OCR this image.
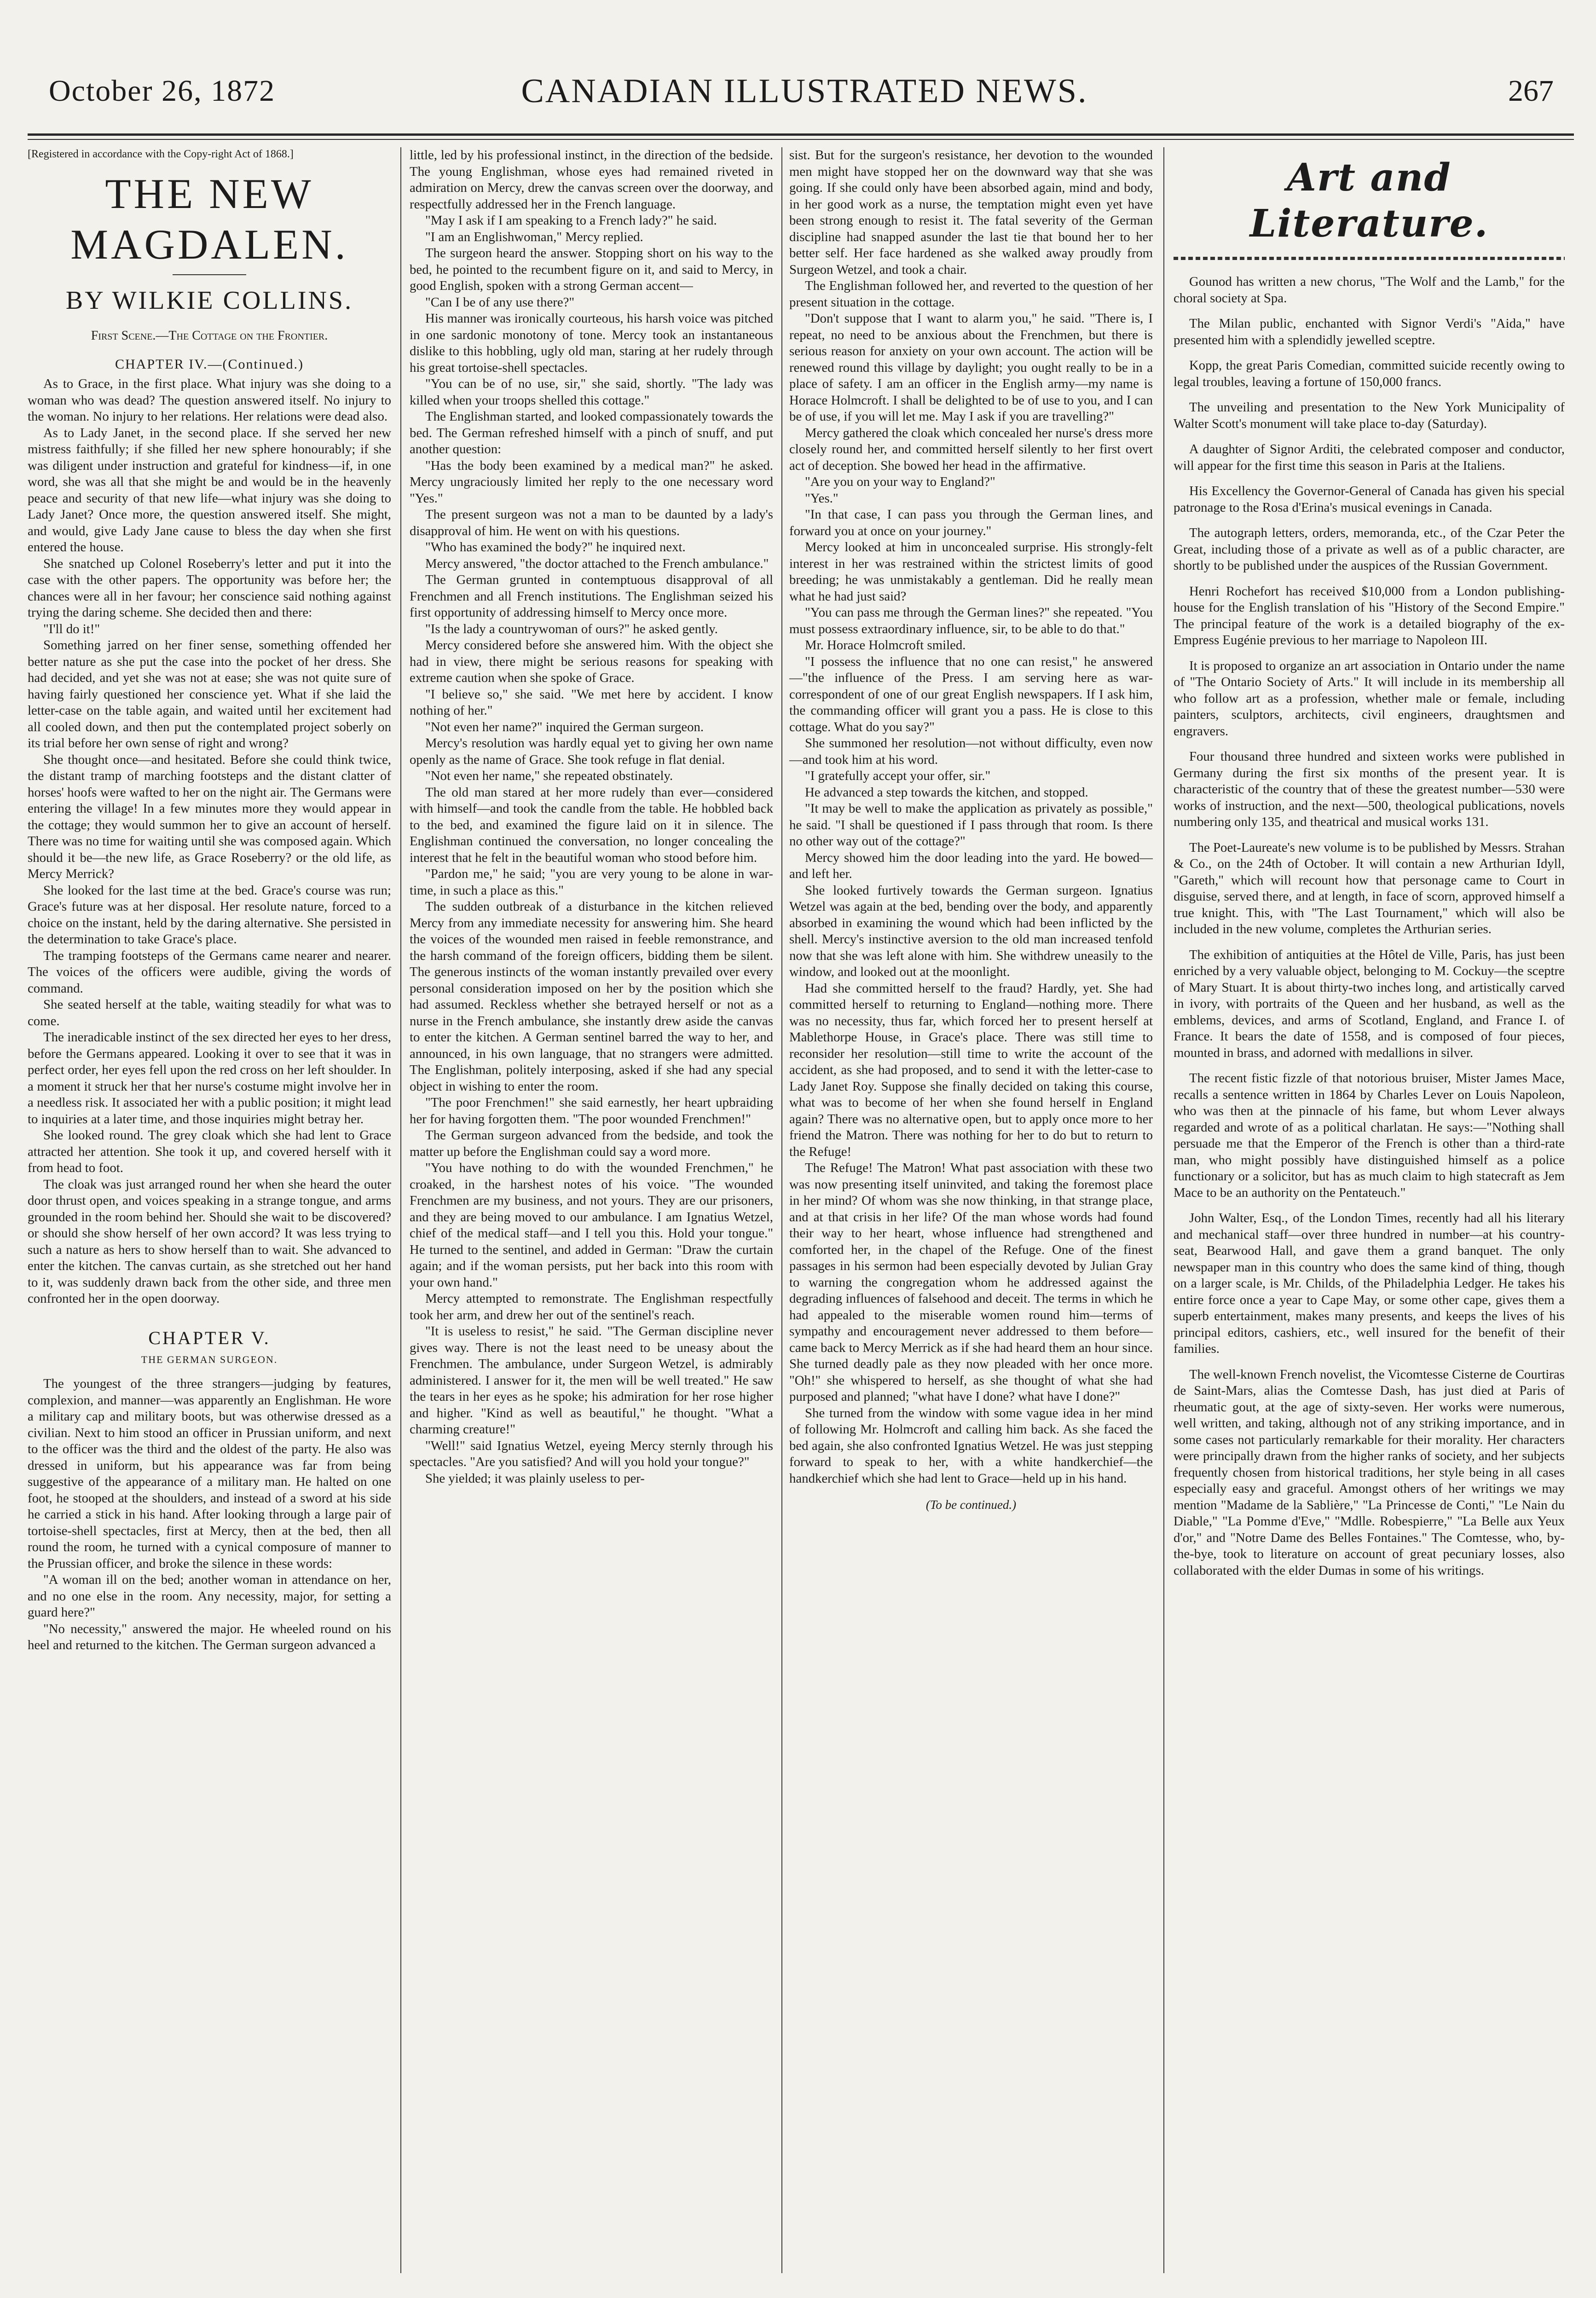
October 26, 1872	CANADIAN ILLUSTRATED NEWS.	267

[Registered in accordance with the Copy-right Act of 1868.]

THE NEW MAGDALEN.
BY WILKIE COLLINS.

First Scene.—The Cottage on the Frontier.

CHAPTER IV.—(Continued.)

As to Grace, in the first place. What injury was she doing to a woman who was dead? The question answered itself. No injury to the woman. No injury to her relations. Her relations were dead also.

As to Lady Janet, in the second place. If she served her new mistress faithfully; if she filled her new sphere honourably; if she was diligent under instruction and grateful for kindness—if, in one word, she was all that she might be and would be in the heavenly peace and security of that new life—what injury was she doing to Lady Janet? Once more, the question answered itself. She might, and would, give Lady Jane cause to bless the day when she first entered the house.

She snatched up Colonel Roseberry's letter and put it into the case with the other papers. The opportunity was before her; the chances were all in her favour; her conscience said nothing against trying the daring scheme. She decided then and there:

"I'll do it!"

Something jarred on her finer sense, something offended her better nature as she put the case into the pocket of her dress. She had decided, and yet she was not at ease; she was not quite sure of having fairly questioned her conscience yet. What if she laid the letter-case on the table again, and waited until her excitement had all cooled down, and then put the contemplated project soberly on its trial before her own sense of right and wrong?

She thought once—and hesitated. Before she could think twice, the distant tramp of marching footsteps and the distant clatter of horses' hoofs were wafted to her on the night air. The Germans were entering the village! In a few minutes more they would appear in the cottage; they would summon her to give an account of herself. There was no time for waiting until she was composed again. Which should it be—the new life, as Grace Roseberry? or the old life, as Mercy Merrick?

She looked for the last time at the bed. Grace's course was run; Grace's future was at her disposal. Her resolute nature, forced to a choice on the instant, held by the daring alternative. She persisted in the determination to take Grace's place.

The tramping footsteps of the Germans came nearer and nearer. The voices of the officers were audible, giving the words of command.

She seated herself at the table, waiting steadily for what was to come.

The ineradicable instinct of the sex directed her eyes to her dress, before the Germans appeared. Looking it over to see that it was in perfect order, her eyes fell upon the red cross on her left shoulder. In a moment it struck her that her nurse's costume might involve her in a needless risk. It associated her with a public position; it might lead to inquiries at a later time, and those inquiries might betray her.

She looked round. The grey cloak which she had lent to Grace attracted her attention. She took it up, and covered herself with it from head to foot.

The cloak was just arranged round her when she heard the outer door thrust open, and voices speaking in a strange tongue, and arms grounded in the room behind her. Should she wait to be discovered? or should she show herself of her own accord? It was less trying to such a nature as hers to show herself than to wait. She advanced to enter the kitchen. The canvas curtain, as she stretched out her hand to it, was suddenly drawn back from the other side, and three men confronted her in the open doorway.

CHAPTER V.

THE GERMAN SURGEON.

The youngest of the three strangers—judging by features, complexion, and manner—was apparently an Englishman. He wore a military cap and military boots, but was otherwise dressed as a civilian. Next to him stood an officer in Prussian uniform, and next to the officer was the third and the oldest of the party. He also was dressed in uniform, but his appearance was far from being suggestive of the appearance of a military man. He halted on one foot, he stooped at the shoulders, and instead of a sword at his side he carried a stick in his hand. After looking through a large pair of tortoise-shell spectacles, first at Mercy, then at the bed, then all round the room, he turned with a cynical composure of manner to the Prussian officer, and broke the silence in these words:

"A woman ill on the bed; another woman in attendance on her, and no one else in the room. Any necessity, major, for setting a guard here?"

"No necessity," answered the major. He wheeled round on his heel and returned to the kitchen. The German surgeon advanced a

little, led by his professional instinct, in the direction of the bedside. The young Englishman, whose eyes had remained riveted in admiration on Mercy, drew the canvas screen over the doorway, and respectfully addressed her in the French language.

"May I ask if I am speaking to a French lady?" he said.

"I am an Englishwoman," Mercy replied.

The surgeon heard the answer. Stopping short on his way to the bed, he pointed to the recumbent figure on it, and said to Mercy, in good English, spoken with a strong German accent—

"Can I be of any use there?"

His manner was ironically courteous, his harsh voice was pitched in one sardonic monotony of tone. Mercy took an instantaneous dislike to this hobbling, ugly old man, staring at her rudely through his great tortoise-shell spectacles.

"You can be of no use, sir," she said, shortly. "The lady was killed when your troops shelled this cottage."

The Englishman started, and looked compassionately towards the bed. The German refreshed himself with a pinch of snuff, and put another question:

"Has the body been examined by a medical man?" he asked. Mercy ungraciously limited her reply to the one necessary word "Yes."

The present surgeon was not a man to be daunted by a lady's disapproval of him. He went on with his questions.

"Who has examined the body?" he inquired next.

Mercy answered, "the doctor attached to the French ambulance."

The German grunted in contemptuous disapproval of all Frenchmen and all French institutions. The Englishman seized his first opportunity of addressing himself to Mercy once more.

"Is the lady a countrywoman of ours?" he asked gently.

Mercy considered before she answered him. With the object she had in view, there might be serious reasons for speaking with extreme caution when she spoke of Grace.

"I believe so," she said. "We met here by accident. I know nothing of her."

"Not even her name?" inquired the German surgeon.

Mercy's resolution was hardly equal yet to giving her own name openly as the name of Grace. She took refuge in flat denial.

"Not even her name," she repeated obstinately.

The old man stared at her more rudely than ever—considered with himself—and took the candle from the table. He hobbled back to the bed, and examined the figure laid on it in silence. The Englishman continued the conversation, no longer concealing the interest that he felt in the beautiful woman who stood before him.

"Pardon me," he said; "you are very young to be alone in war-time, in such a place as this."

The sudden outbreak of a disturbance in the kitchen relieved Mercy from any immediate necessity for answering him. She heard the voices of the wounded men raised in feeble remonstrance, and the harsh command of the foreign officers, bidding them be silent. The generous instincts of the woman instantly prevailed over every personal consideration imposed on her by the position which she had assumed. Reckless whether she betrayed herself or not as a nurse in the French ambulance, she instantly drew aside the canvas to enter the kitchen. A German sentinel barred the way to her, and announced, in his own language, that no strangers were admitted. The Englishman, politely interposing, asked if she had any special object in wishing to enter the room.

"The poor Frenchmen!" she said earnestly, her heart upbraiding her for having forgotten them. "The poor wounded Frenchmen!"

The German surgeon advanced from the bedside, and took the matter up before the Englishman could say a word more.

"You have nothing to do with the wounded Frenchmen," he croaked, in the harshest notes of his voice. "The wounded Frenchmen are my business, and not yours. They are our prisoners, and they are being moved to our ambulance. I am Ignatius Wetzel, chief of the medical staff—and I tell you this. Hold your tongue." He turned to the sentinel, and added in German: "Draw the curtain again; and if the woman persists, put her back into this room with your own hand."

Mercy attempted to remonstrate. The Englishman respectfully took her arm, and drew her out of the sentinel's reach.

"It is useless to resist," he said. "The German discipline never gives way. There is not the least need to be uneasy about the Frenchmen. The ambulance, under Surgeon Wetzel, is admirably administered. I answer for it, the men will be well treated." He saw the tears in her eyes as he spoke; his admiration for her rose higher and higher. "Kind as well as beautiful," he thought. "What a charming creature!"

"Well!" said Ignatius Wetzel, eyeing Mercy sternly through his spectacles. "Are you satisfied? And will you hold your tongue?"

She yielded; it was plainly useless to per-

sist. But for the surgeon's resistance, her devotion to the wounded men might have stopped her on the downward way that she was going. If she could only have been absorbed again, mind and body, in her good work as a nurse, the temptation might even yet have been strong enough to resist it. The fatal severity of the German discipline had snapped asunder the last tie that bound her to her better self. Her face hardened as she walked away proudly from Surgeon Wetzel, and took a chair.

The Englishman followed her, and reverted to the question of her present situation in the cottage.

"Don't suppose that I want to alarm you," he said. "There is, I repeat, no need to be anxious about the Frenchmen, but there is serious reason for anxiety on your own account. The action will be renewed round this village by daylight; you ought really to be in a place of safety. I am an officer in the English army—my name is Horace Holmcroft. I shall be delighted to be of use to you, and I can be of use, if you will let me. May I ask if you are travelling?"

Mercy gathered the cloak which concealed her nurse's dress more closely round her, and committed herself silently to her first overt act of deception. She bowed her head in the affirmative.

"Are you on your way to England?"

"Yes."

"In that case, I can pass you through the German lines, and forward you at once on your journey."

Mercy looked at him in unconcealed surprise. His strongly-felt interest in her was restrained within the strictest limits of good breeding; he was unmistakably a gentleman. Did he really mean what he had just said?

"You can pass me through the German lines?" she repeated. "You must possess extraordinary influence, sir, to be able to do that."

Mr. Horace Holmcroft smiled.

"I possess the influence that no one can resist," he answered—"the influence of the Press. I am serving here as war-correspondent of one of our great English newspapers. If I ask him, the commanding officer will grant you a pass. He is close to this cottage. What do you say?"

She summoned her resolution—not without difficulty, even now—and took him at his word.

"I gratefully accept your offer, sir."

He advanced a step towards the kitchen, and stopped.

"It may be well to make the application as privately as possible," he said. "I shall be questioned if I pass through that room. Is there no other way out of the cottage?"

Mercy showed him the door leading into the yard. He bowed—and left her.

She looked furtively towards the German surgeon. Ignatius Wetzel was again at the bed, bending over the body, and apparently absorbed in examining the wound which had been inflicted by the shell. Mercy's instinctive aversion to the old man increased tenfold now that she was left alone with him. She withdrew uneasily to the window, and looked out at the moonlight.

Had she committed herself to the fraud? Hardly, yet. She had committed herself to returning to England—nothing more. There was no necessity, thus far, which forced her to present herself at Mablethorpe House, in Grace's place. There was still time to reconsider her resolution—still time to write the account of the accident, as she had proposed, and to send it with the letter-case to Lady Janet Roy. Suppose she finally decided on taking this course, what was to become of her when she found herself in England again? There was no alternative open, but to apply once more to her friend the Matron. There was nothing for her to do but to return to the Refuge!

The Refuge! The Matron! What past association with these two was now presenting itself uninvited, and taking the foremost place in her mind? Of whom was she now thinking, in that strange place, and at that crisis in her life? Of the man whose words had found their way to her heart, whose influence had strengthened and comforted her, in the chapel of the Refuge. One of the finest passages in his sermon had been especially devoted by Julian Gray to warning the congregation whom he addressed against the degrading influences of falsehood and deceit. The terms in which he had appealed to the miserable women round him—terms of sympathy and encouragement never addressed to them before—came back to Mercy Merrick as if she had heard them an hour since. She turned deadly pale as they now pleaded with her once more. "Oh!" she whispered to herself, as she thought of what she had purposed and planned; "what have I done? what have I done?"

She turned from the window with some vague idea in her mind of following Mr. Holmcroft and calling him back. As she faced the bed again, she also confronted Ignatius Wetzel. He was just stepping forward to speak to her, with a white handkerchief—the handkerchief which she had lent to Grace—held up in his hand.

(To be continued.)

Art and Literature.

Gounod has written a new chorus, "The Wolf and the Lamb," for the choral society at Spa.

The Milan public, enchanted with Signor Verdi's "Aida," have presented him with a splendidly jewelled sceptre.

Kopp, the great Paris Comedian, committed suicide recently owing to legal troubles, leaving a fortune of 150,000 francs.

The unveiling and presentation to the New York Municipality of Walter Scott's monument will take place to-day (Saturday).

A daughter of Signor Arditi, the celebrated composer and conductor, will appear for the first time this season in Paris at the Italiens.

His Excellency the Governor-General of Canada has given his special patronage to the Rosa d'Erina's musical evenings in Canada.

The autograph letters, orders, memoranda, etc., of the Czar Peter the Great, including those of a private as well as of a public character, are shortly to be published under the auspices of the Russian Government.

Henri Rochefort has received $10,000 from a London publishing-house for the English translation of his "History of the Second Empire." The principal feature of the work is a detailed biography of the ex-Empress Eugénie previous to her marriage to Napoleon III.

It is proposed to organize an art association in Ontario under the name of "The Ontario Society of Arts." It will include in its membership all who follow art as a profession, whether male or female, including painters, sculptors, architects, civil engineers, draughtsmen and engravers.

Four thousand three hundred and sixteen works were published in Germany during the first six months of the present year. It is characteristic of the country that of these the greatest number—530 were works of instruction, and the next—500, theological publications, novels numbering only 135, and theatrical and musical works 131.

The Poet-Laureate's new volume is to be published by Messrs. Strahan & Co., on the 24th of October. It will contain a new Arthurian Idyll, "Gareth," which will recount how that personage came to Court in disguise, served there, and at length, in face of scorn, approved himself a true knight. This, with "The Last Tournament," which will also be included in the new volume, completes the Arthurian series.

The exhibition of antiquities at the Hôtel de Ville, Paris, has just been enriched by a very valuable object, belonging to M. Cockuy—the sceptre of Mary Stuart. It is about thirty-two inches long, and artistically carved in ivory, with portraits of the Queen and her husband, as well as the emblems, devices, and arms of Scotland, England, and France I. of France. It bears the date of 1558, and is composed of four pieces, mounted in brass, and adorned with medallions in silver.

The recent fistic fizzle of that notorious bruiser, Mister James Mace, recalls a sentence written in 1864 by Charles Lever on Louis Napoleon, who was then at the pinnacle of his fame, but whom Lever always regarded and wrote of as a political charlatan. He says:—"Nothing shall persuade me that the Emperor of the French is other than a third-rate man, who might possibly have distinguished himself as a police functionary or a solicitor, but has as much claim to high statecraft as Jem Mace to be an authority on the Pentateuch."

John Walter, Esq., of the London Times, recently had all his literary and mechanical staff—over three hundred in number—at his country-seat, Bearwood Hall, and gave them a grand banquet. The only newspaper man in this country who does the same kind of thing, though on a larger scale, is Mr. Childs, of the Philadelphia Ledger. He takes his entire force once a year to Cape May, or some other cape, gives them a superb entertainment, makes many presents, and keeps the lives of his principal editors, cashiers, etc., well insured for the benefit of their families.

The well-known French novelist, the Vicomtesse Cisterne de Courtiras de Saint-Mars, alias the Comtesse Dash, has just died at Paris of rheumatic gout, at the age of sixty-seven. Her works were numerous, well written, and taking, although not of any striking importance, and in some cases not particularly remarkable for their morality. Her characters were principally drawn from the higher ranks of society, and her subjects frequently chosen from historical traditions, her style being in all cases especially easy and graceful. Amongst others of her writings we may mention "Madame de la Sablière," "La Princesse de Conti," "Le Nain du Diable," "La Pomme d'Eve," "Mdlle. Robespierre," "La Belle aux Yeux d'or," and "Notre Dame des Belles Fontaines." The Comtesse, who, by-the-bye, took to literature on account of great pecuniary losses, also collaborated with the elder Dumas in some of his writings.
